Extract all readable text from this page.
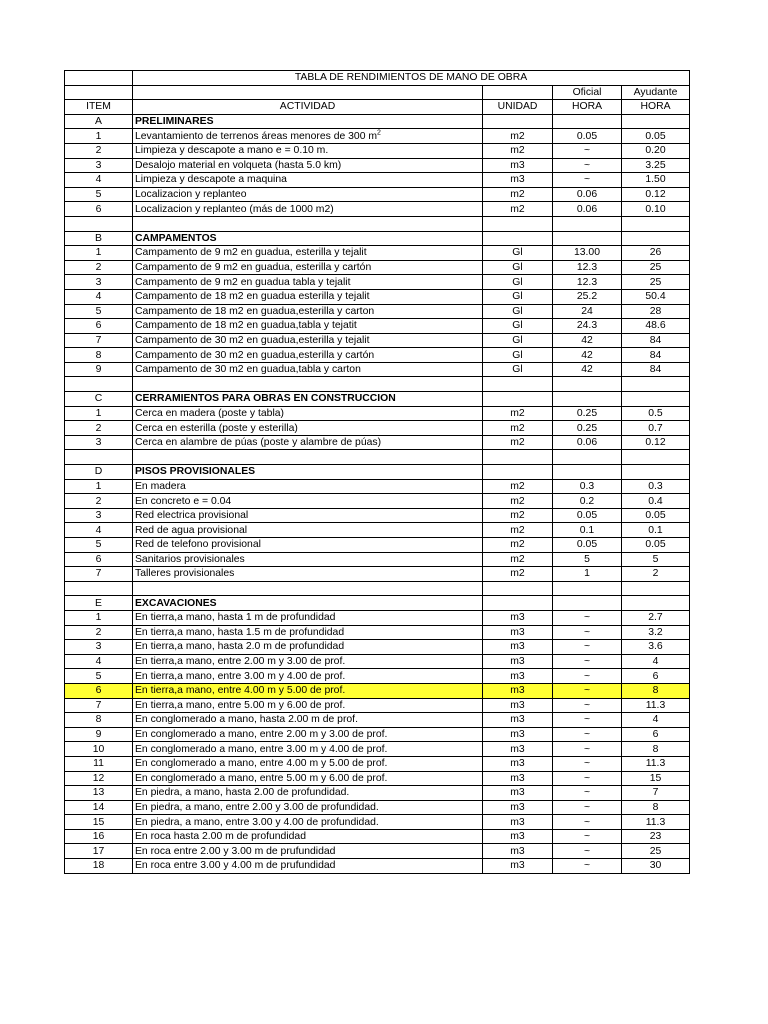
	TABLA DE RENDIMIENTOS DE MANO DE OBRA			
			Oficial	Ayudante
ITEM	ACTIVIDAD	UNIDAD	HORA	HORA
A	PRELIMINARES			
1	Levantamiento de terrenos áreas menores de 300 $m^2$	m2	0.05	0.05
2	Limpieza y descapote a mano e = 0.10 m.	m2	~	0.20
3	Desalojo material en volqueta (hasta 5.0 km)	m3	~	3.25
4	Limpieza y descapote a maquina	m3	~	1.50
5	Localizacion y replanteo	m2	0.06	0.12
6	Localizacion y replanteo (más de 1000 m2)	m2	0.06	0.10

B	CAMPAMENTOS			
1	Campamento de 9 m2 en guadua, esterilla y tejalit	Gl	13.00	26
2	Campamento de 9 m2 en guadua, esterilla y cartón	Gl	12.3	25
3	Campamento de 9 m2 en guadua tabla y tejalit	Gl	12.3	25
4	Campamento de 18 m2 en guadua esterilla y tejalit	Gl	25.2	50.4
5	Campamento de 18 m2 en guadua,esterilla y carton	Gl	24	28
6	Campamento de 18 m2 en guadua,tabla y tejatit	Gl	24.3	48.6
7	Campamento de 30 m2 en guadua,esterilla y tejalit	Gl	42	84
8	Campamento de 30 m2 en guadua,esterilla y cartón	Gl	42	84
9	Campamento de 30 m2 en guadua,tabla y carton	Gl	42	84

C	CERRAMIENTOS PARA OBRAS EN CONSTRUCCION			
1	Cerca en madera (poste y tabla)	m2	0.25	0.5
2	Cerca en esterilla (poste y esterilla)	m2	0.25	0.7
3	Cerca en alambre de púas (poste y alambre de púas)	m2	0.06	0.12

D	PISOS PROVISIONALES			
1	En madera	m2	0.3	0.3
2	En concreto e = 0.04	m2	0.2	0.4
3	Red electrica provisional	m2	0.05	0.05
4	Red de agua provisional	m2	0.1	0.1
5	Red de telefono provisional	m2	0.05	0.05
6	Sanitarios provisionales	m2	5	5
7	Talleres provisionales	m2	1	2

E	EXCAVACIONES			
1	En tierra,a mano, hasta 1 m de profundidad	m3	~	2.7
2	En tierra,a mano, hasta 1.5 m de profundidad	m3	~	3.2
3	En tierra,a mano, hasta 2.0 m de profundidad	m3	~	3.6
4	En tierra,a mano, entre 2.00 m y 3.00 de prof.	m3	~	4
5	En tierra,a mano, entre 3.00 m y 4.00 de prof.	m3	~	6
6	En tierra,a mano, entre 4.00 m y 5.00 de prof.	m3	~	8
7	En tierra,a mano, entre 5.00 m y 6.00 de prof.	m3	~	11.3
8	En conglomerado a mano, hasta 2.00 m de prof.	m3	~	4
9	En conglomerado a mano, entre 2.00 m y 3.00 de prof.	m3	~	6
10	En conglomerado a mano, entre 3.00 m y 4.00 de prof.	m3	~	8
11	En conglomerado a mano, entre 4.00 m y 5.00 de prof.	m3	~	11.3
12	En conglomerado a mano, entre 5.00 m y 6.00 de prof.	m3	~	15
13	En piedra, a mano, hasta 2.00 de profundidad.	m3	~	7
14	En piedra, a mano, entre 2.00 y 3.00 de profundidad.	m3	~	8
15	En piedra, a mano, entre 3.00 y 4.00 de profundidad.	m3	~	11.3
16	En roca hasta 2.00 m de profundidad	m3	~	23
17	En roca entre 2.00 y 3.00 m de prufundidad	m3	~	25
18	En roca entre 3.00 y 4.00 m de prufundidad	m3	~	30
